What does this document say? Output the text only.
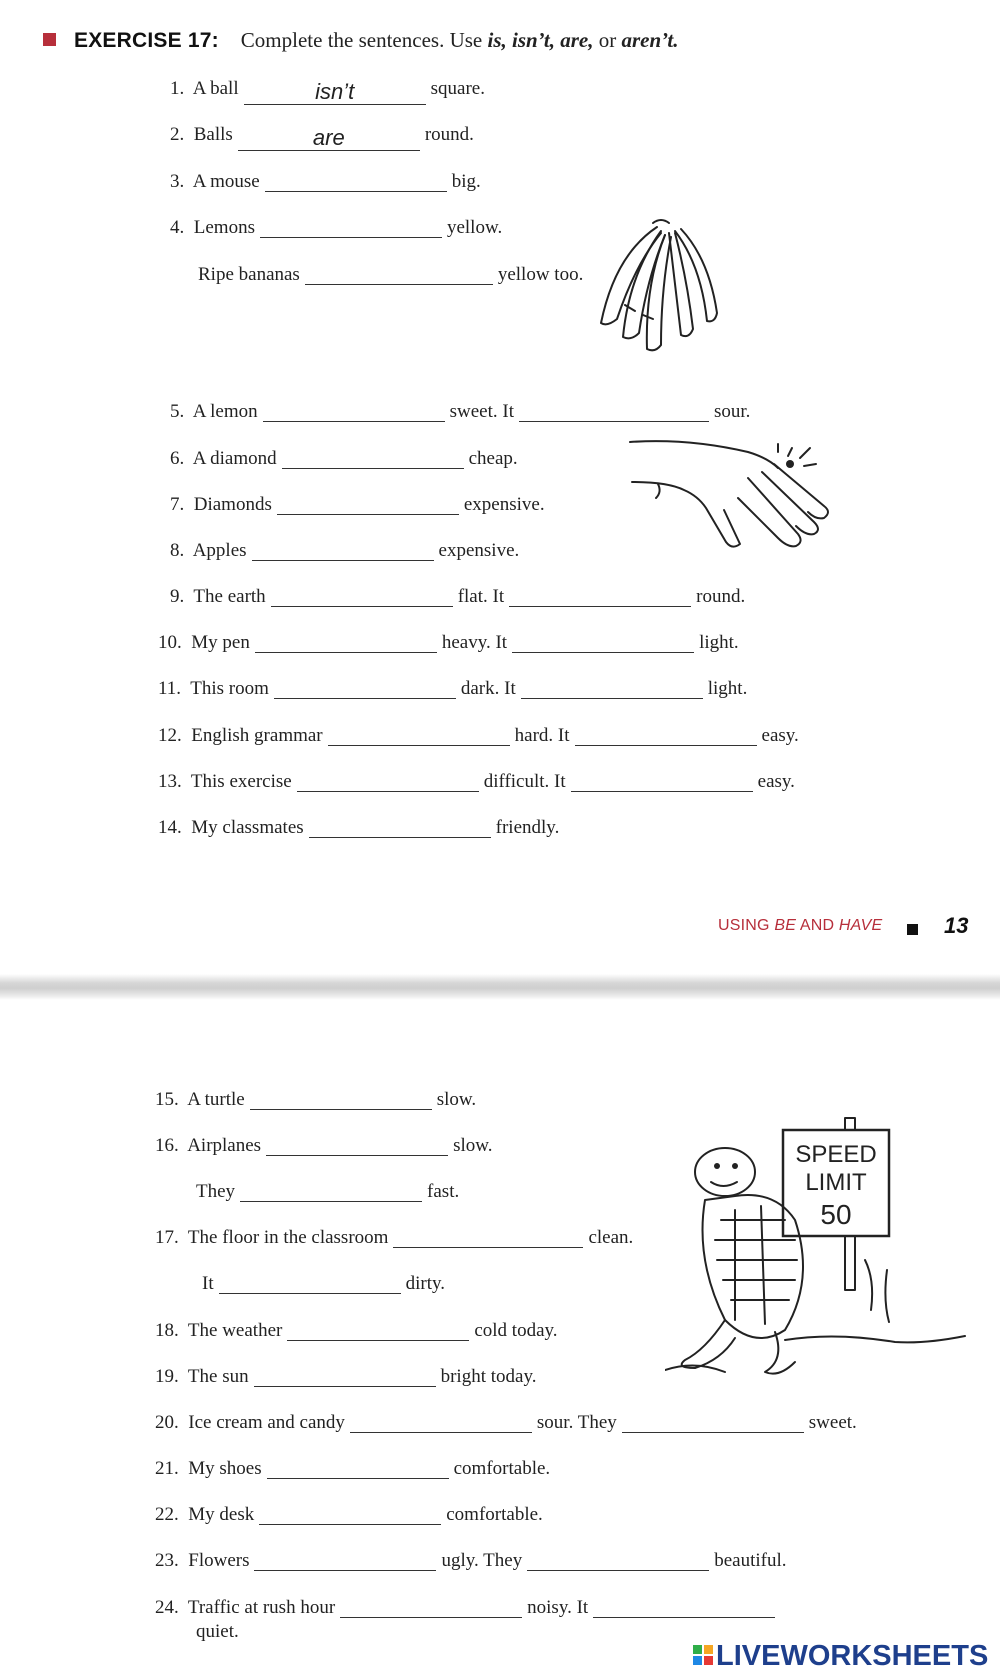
EXERCISE 17: Complete the sentences. Use is, isn’t, are, or aren’t.
1. A ball	isn’t	square.
2. Balls	are	round.
3. A mouse	big.
4. Lemons	yellow.
Ripe bananas	yellow too.
5. A lemon	sweet. It	sour.
6. A diamond	cheap.
7. Diamonds	expensive.
8. Apples	expensive.
9. The earth	flat. It	round.
10. My pen	heavy. It	light.
11. This room	dark. It	light.
12. English grammar	hard. It	easy.
13. This exercise	difficult. It	easy.
14. My classmates	friendly.
USING BE AND HAVE	13
15. A turtle	slow.
16. Airplanes	slow.
They	fast.
17. The floor in the classroom	clean.
It	dirty.
18. The weather	cold today.
19. The sun	bright today.
20. Ice cream and candy	sour. They	sweet.
21. My shoes	comfortable.
22. My desk	comfortable.
23. Flowers	ugly. They	beautiful.
24. Traffic at rush hour	noisy. It
quiet.
SPEED
LIMIT
50
LIVEWORKSHEETS
